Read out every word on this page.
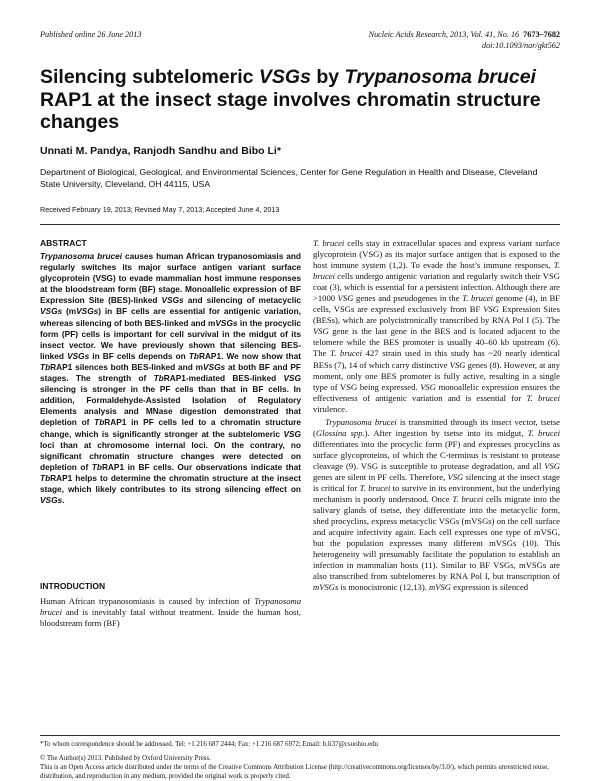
Published online 26 June 2013	Nucleic Acids Research, 2013, Vol. 41, No. 16 7673–7682
doi:10.1093/nar/gkt562
Silencing subtelomeric VSGs by Trypanosoma brucei RAP1 at the insect stage involves chromatin structure changes
Unnati M. Pandya, Ranjodh Sandhu and Bibo Li*
Department of Biological, Geological, and Environmental Sciences, Center for Gene Regulation in Health and Disease, Cleveland State University, Cleveland, OH 44115, USA
Received February 19, 2013; Revised May 7, 2013; Accepted June 4, 2013
ABSTRACT
Trypanosoma brucei causes human African trypanosomiasis and regularly switches its major surface antigen variant surface glycoprotein (VSG) to evade mammalian host immune responses at the bloodstream form (BF) stage. Monoallelic expression of BF Expression Site (BES)-linked VSGs and silencing of metacyclic VSGs (mVSGs) in BF cells are essential for antigenic variation, whereas silencing of both BES-linked and mVSGs in the procyclic form (PF) cells is important for cell survival in the midgut of its insect vector. We have previously shown that silencing BES-linked VSGs in BF cells depends on TbRAP1. We now show that TbRAP1 silences both BES-linked and mVSGs at both BF and PF stages. The strength of TbRAP1-mediated BES-linked VSG silencing is stronger in the PF cells than that in BF cells. In addition, Formaldehyde-Assisted Isolation of Regulatory Elements analysis and MNase digestion demonstrated that depletion of TbRAP1 in PF cells led to a chromatin structure change, which is significantly stronger at the subtelomeric VSG loci than at chromosome internal loci. On the contrary, no significant chromatin structure changes were detected on depletion of TbRAP1 in BF cells. Our observations indicate that TbRAP1 helps to determine the chromatin structure at the insect stage, which likely contributes to its strong silencing effect on VSGs.
INTRODUCTION
Human African trypanosomiasis is caused by infection of Trypanosoma brucei and is inevitably fatal without treatment. Inside the human host, bloodstream form (BF)

T. brucei cells stay in extracellular spaces and express variant surface glycoprotein (VSG) as its major surface antigen that is exposed to the host immune system (1,2). To evade the host’s immune responses, T. brucei cells undergo antigenic variation and regularly switch their VSG coat (3), which is essential for a persistent infection. Although there are >1000 VSG genes and pseudogenes in the T. brucei genome (4), in BF cells, VSGs are expressed exclusively from BF VSG Expression Sites (BESs), which are polycistronically transcribed by RNA Pol I (5). The VSG gene is the last gene in the BES and is located adjacent to the telomere while the BES promoter is usually 40–60 kb upstream (6). The T. brucei 427 strain used in this study has ~20 nearly identical BESs (7), 14 of which carry distinctive VSG genes (8). However, at any moment, only one BES promoter is fully active, resulting in a single type of VSG being expressed. VSG monoallelic expression ensures the effectiveness of antigenic variation and is essential for T. brucei virulence.

Trypanosoma brucei is transmitted through its insect vector, tsetse (Glossina spp.). After ingestion by tsetse into its midgut, T. brucei differentiates into the procyclic form (PF) and expresses procyclins as surface glycoproteins, of which the C-terminus is resistant to protease cleavage (9). VSG is susceptible to protease degradation, and all VSG genes are silent in PF cells. Therefore, VSG silencing at the insect stage is critical for T. brucei to survive in its environment, but the underlying mechanism is poorly understood. Once T. brucei cells migrate into the salivary glands of tsetse, they differentiate into the metacyclic form, shed procyclins, express metacyclic VSGs (mVSGs) on the cell surface and acquire infectivity again. Each cell expresses one type of mVSG, but the population expresses many different mVSGs (10). This heterogeneity will presumably facilitate the population to establish an infection in mammalian hosts (11). Similar to BF VSGs, mVSGs are also transcribed from subtelomeres by RNA Pol I, but transcription of mVSGs is monocistronic (12,13). mVSG expression is silenced

*To whom correspondence should be addressed. Tel: +1 216 687 2444; Fax: +1 216 687 6972; Email: b.li37@csuohio.edu
© The Author(s) 2013. Published by Oxford University Press.
This is an Open Access article distributed under the terms of the Creative Commons Attribution License (http://creativecommons.org/licenses/by/3.0/), which permits unrestricted reuse, distribution, and reproduction in any medium, provided the original work is properly cited.
